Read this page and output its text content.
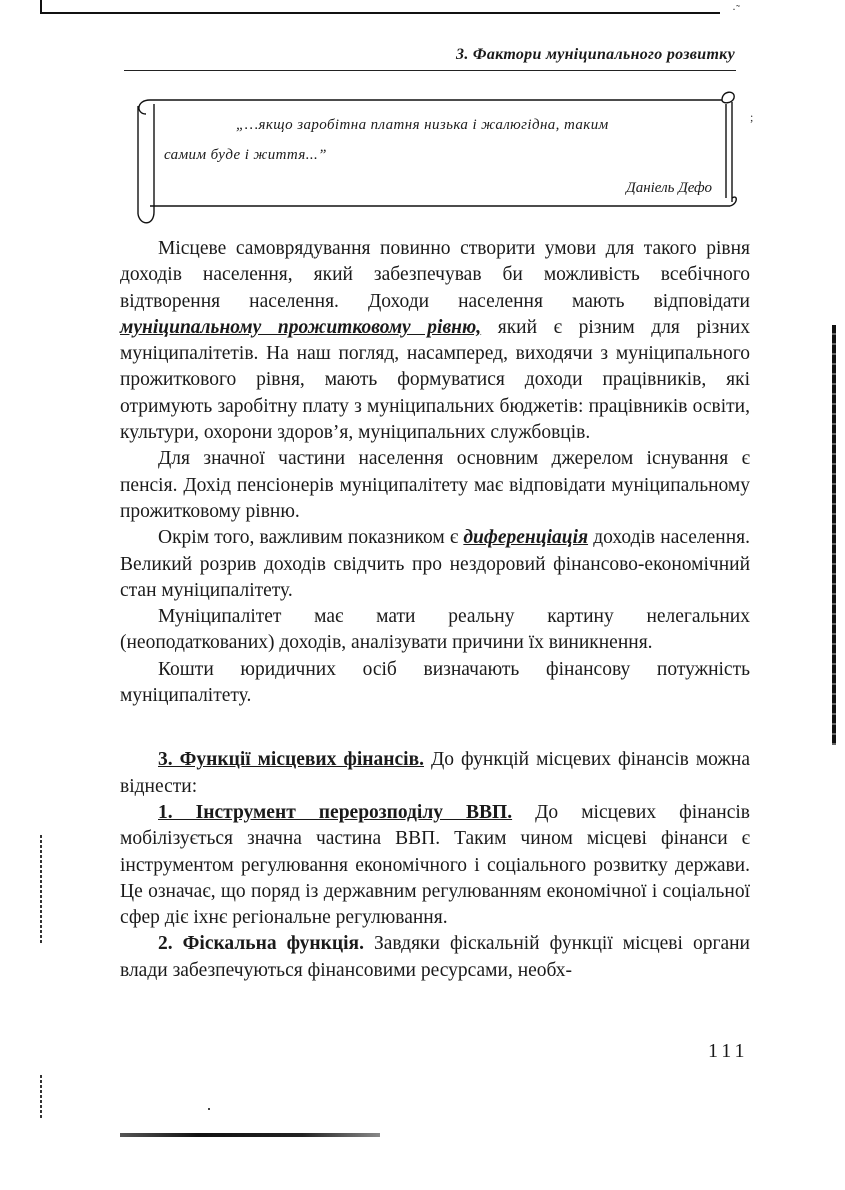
·˜
3. Фактори муніципального розвитку
„…якщо заробітна платня низька і жалюгідна, таким
самим буде і життя...”
Даніель Дефо
;

Місцеве самоврядування повинно створити умови для такого рівня доходів населення, який забезпечував би можливість всебічного відтворення населення. Доходи населення мають відповідати муніципальному прожитковому рівню, який є різним для різних муніципалітетів. На наш погляд, насамперед, виходячи з муніципального прожиткового рівня, мають формуватися доходи працівників, які отримують заробітну плату з муніципальних бюджетів: працівників освіти, культури, охорони здоров’я, муніципальних службовців.

Для значної частини населення основним джерелом існування є пенсія. Дохід пенсіонерів муніципалітету має відповідати муніципальному прожитковому рівню.

Окрім того, важливим показником є диференціація доходів населення. Великий розрив доходів свідчить про нездоровий фінансово-економічний стан муніципалітету.

Муніципалітет має мати реальну картину нелегальних (неоподаткованих) доходів, аналізувати причини їх виникнення.

Кошти юридичних осіб визначають фінансову потужність муніципалітету.

3. Функції місцевих фінансів. До функцій місцевих фінансів можна віднести:

1. Інструмент перерозподілу ВВП. До місцевих фінансів мобілізується значна частина ВВП. Таким чином місцеві фінанси є інструментом регулювання економічного і соціального розвитку держави. Це означає, що поряд із державним регулюванням економічної і соціальної сфер діє іхнє регіональне регулювання.

2. Фіскальна функція. Завдяки фіскальній функції місцеві органи влади забезпечуються фінансовими ресурсами, необх-

111
